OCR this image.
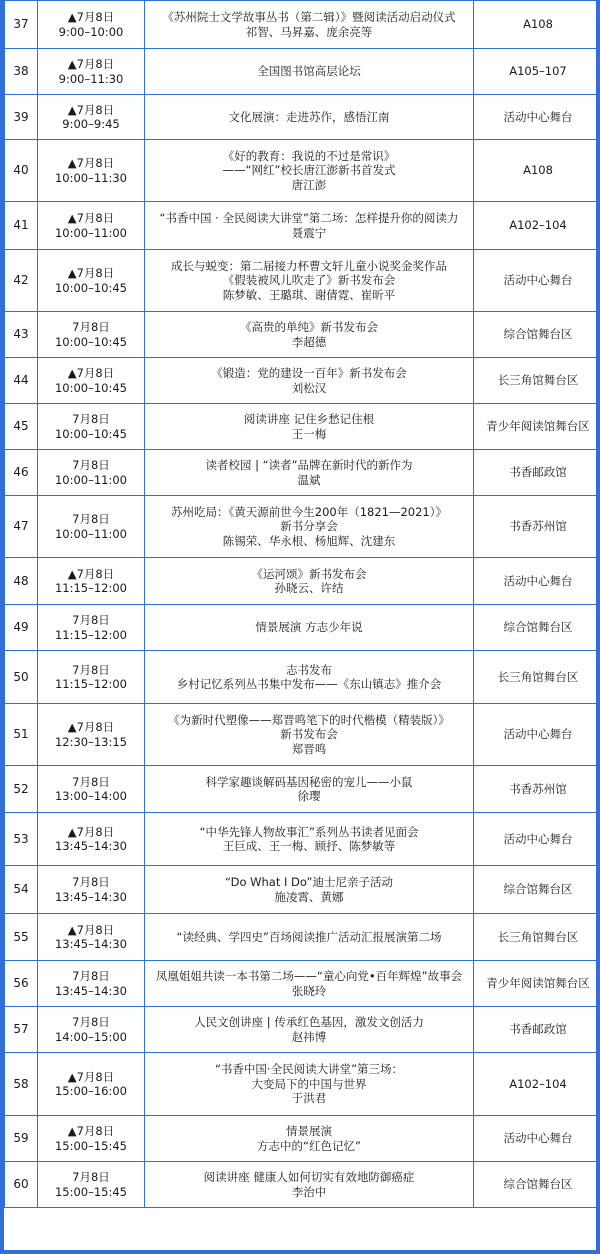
37	▲7月8日
9:00–10:00	《苏州院士文学故事丛书（第二辑）》暨阅读活动启动仪式
祁智、马昇嘉、庞余亮等	A108
38	▲7月8日
9:00–11:30	全国图书馆高层论坛	A105–107
39	▲7月8日
9:00–9:45	文化展演：走进苏作，感悟江南	活动中心舞台
40	▲7月8日
10:00–11:30	《好的教育：我说的不过是常识》
——“网红”校长唐江澎新书首发式
唐江澎	A108
41	▲7月8日
10:00–11:00	“书香中国 · 全民阅读大讲堂”第二场：怎样提升你的阅读力
聂震宁	A102–104
42	▲7月8日
10:00–10:45	成长与蜕变：第二届接力杯曹文轩儿童小说奖金奖作品
《假装被风儿吹走了》新书发布会
陈梦敏、王璐琪、谢倩霓、崔昕平	活动中心舞台
43	7月8日
10:00–10:45	《高贵的单纯》新书发布会
李超德	综合馆舞台区
44	▲7月8日
10:00–10:45	《锻造：党的建设一百年》新书发布会
刘松汉	长三角馆舞台区
45	7月8日
10:00–10:45	阅读讲座 记住乡愁记住根
王一梅	青少年阅读馆舞台区
46	7月8日
10:00–11:00	读者校园 | “读者”品牌在新时代的新作为
温斌	书香邮政馆
47	7月8日
10:00–11:00	苏州吃局：《黄天源前世今生200年（1821—2021）》
新书分享会
陈锡荣、华永根、杨旭辉、沈建东	书香苏州馆
48	▲7月8日
11:15–12:00	《运河颂》新书发布会
孙晓云、许结	活动中心舞台
49	7月8日
11:15–12:00	情景展演 方志少年说	综合馆舞台区
50	7月8日
11:15–12:00	志书发布
乡村记忆系列丛书集中发布——《东山镇志》推介会	长三角馆舞台区
51	▲7月8日
12:30–13:15	《为新时代塑像——郑晋鸣笔下的时代楷模（精装版）》
新书发布会
郑晋鸣	活动中心舞台
52	7月8日
13:00–14:00	科学家趣谈解码基因秘密的宠儿——小鼠
徐璎	书香苏州馆
53	▲7月8日
13:45–14:30	“中华先锋人物故事汇”系列丛书读者见面会
王巨成、王一梅、顾抒、陈梦敏等	活动中心舞台
54	7月8日
13:45–14:30	“Do What I Do”迪士尼亲子活动
施凌霄、黄娜	综合馆舞台区
55	▲7月8日
13:45–14:30	“读经典、学四史”百场阅读推广活动汇报展演第二场	长三角馆舞台区
56	7月8日
13:45–14:30	凤凰姐姐共读一本书第二场——“童心向党•百年辉煌”故事会
张晓玲	青少年阅读馆舞台区
57	7月8日
14:00–15:00	人民文创讲座 | 传承红色基因，激发文创活力
赵祎博	书香邮政馆
58	▲7月8日
15:00–16:00	“书香中国·全民阅读大讲堂”第三场：
大变局下的中国与世界
于洪君	A102–104
59	▲7月8日
15:00–15:45	情景展演
方志中的“红色记忆”	活动中心舞台
60	7月8日
15:00–15:45	阅读讲座 健康人如何切实有效地防御癌症
李治中	综合馆舞台区
